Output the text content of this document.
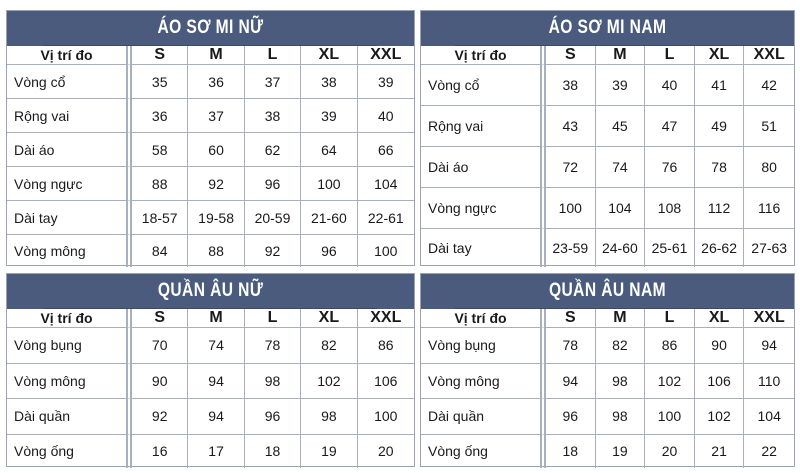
ÁO SƠ MI NỮ
Vị trí đo	S	M	L	XL	XXL
Vòng cổ	35	36	37	38	39
Rộng vai	36	37	38	39	40
Dài áo	58	60	62	64	66
Vòng ngực	88	92	96	100	104
Dài tay	18-57	19-58	20-59	21-60	22-61
Vòng mông	84	88	92	96	100
ÁO SƠ MI NAM
Vị trí đo	S	M	L	XL	XXL
Vòng cổ	38	39	40	41	42
Rộng vai	43	45	47	49	51
Dài áo	72	74	76	78	80
Vòng ngực	100	104	108	112	116
Dài tay	23-59	24-60	25-61	26-62	27-63
QUẦN ÂU NỮ
Vị trí đo	S	M	L	XL	XXL
Vòng bụng	70	74	78	82	86
Vòng mông	90	94	98	102	106
Dài quần	92	94	96	98	100
Vòng ống	16	17	18	19	20
QUẦN ÂU NAM
Vị trí đo	S	M	L	XL	XXL
Vòng bụng	78	82	86	90	94
Vòng mông	94	98	102	106	110
Dài quần	96	98	100	102	104
Vòng ống	18	19	20	21	22
